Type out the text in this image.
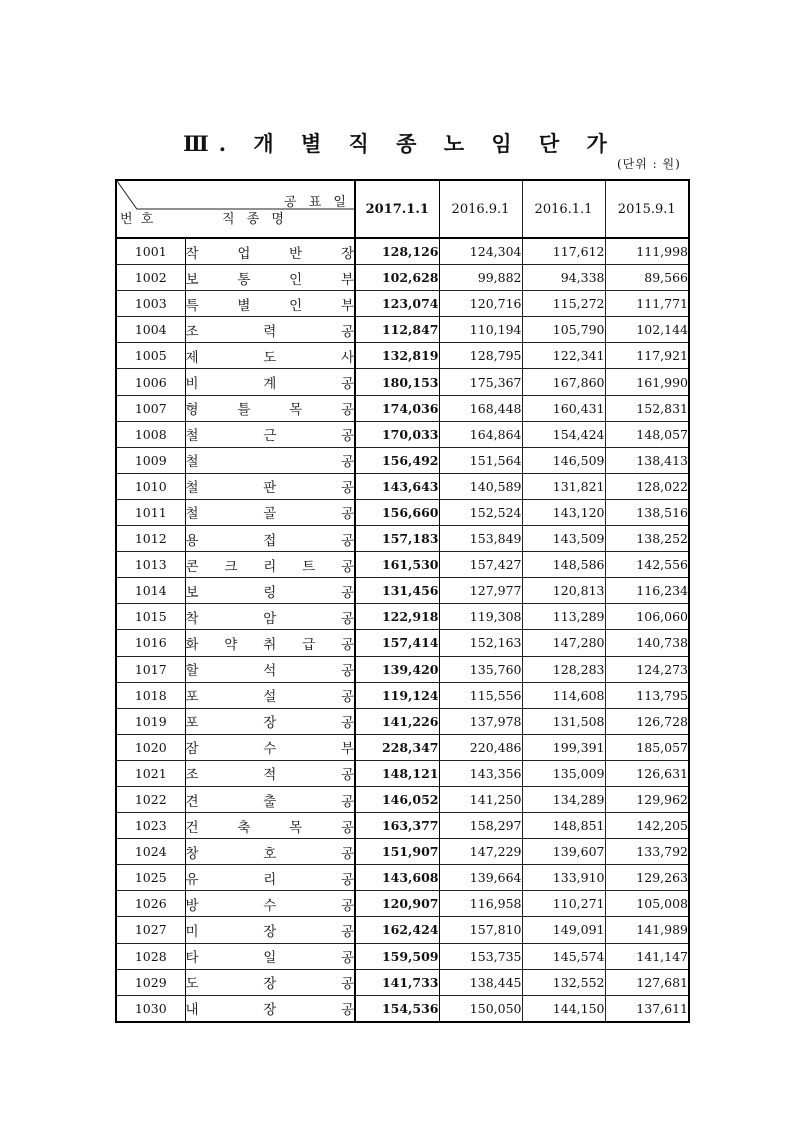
Ⅲ. 개 별 직 종 노 임 단 가
(단위 : 원)
공 표 일
번 호 직 종 명		2017.1.1	2016.9.1	2016.1.1	2015.9.1
1001	작 업 반 장	128,126	124,304	117,612	111,998
1002	보 통 인 부	102,628	99,882	94,338	89,566
1003	특 별 인 부	123,074	120,716	115,272	111,771
1004	조 력 공	112,847	110,194	105,790	102,144
1005	제 도 사	132,819	128,795	122,341	117,921
1006	비 계 공	180,153	175,367	167,860	161,990
1007	형 틀 목 공	174,036	168,448	160,431	152,831
1008	철 근 공	170,033	164,864	154,424	148,057
1009	철 공	156,492	151,564	146,509	138,413
1010	철 판 공	143,643	140,589	131,821	128,022
1011	철 골 공	156,660	152,524	143,120	138,516
1012	용 접 공	157,183	153,849	143,509	138,252
1013	콘 크 리 트 공	161,530	157,427	148,586	142,556
1014	보 링 공	131,456	127,977	120,813	116,234
1015	착 암 공	122,918	119,308	113,289	106,060
1016	화 약 취 급 공	157,414	152,163	147,280	140,738
1017	할 석 공	139,420	135,760	128,283	124,273
1018	포 설 공	119,124	115,556	114,608	113,795
1019	포 장 공	141,226	137,978	131,508	126,728
1020	잠 수 부	228,347	220,486	199,391	185,057
1021	조 적 공	148,121	143,356	135,009	126,631
1022	견 출 공	146,052	141,250	134,289	129,962
1023	건 축 목 공	163,377	158,297	148,851	142,205
1024	창 호 공	151,907	147,229	139,607	133,792
1025	유 리 공	143,608	139,664	133,910	129,263
1026	방 수 공	120,907	116,958	110,271	105,008
1027	미 장 공	162,424	157,810	149,091	141,989
1028	타 일 공	159,509	153,735	145,574	141,147
1029	도 장 공	141,733	138,445	132,552	127,681
1030	내 장 공	154,536	150,050	144,150	137,611
